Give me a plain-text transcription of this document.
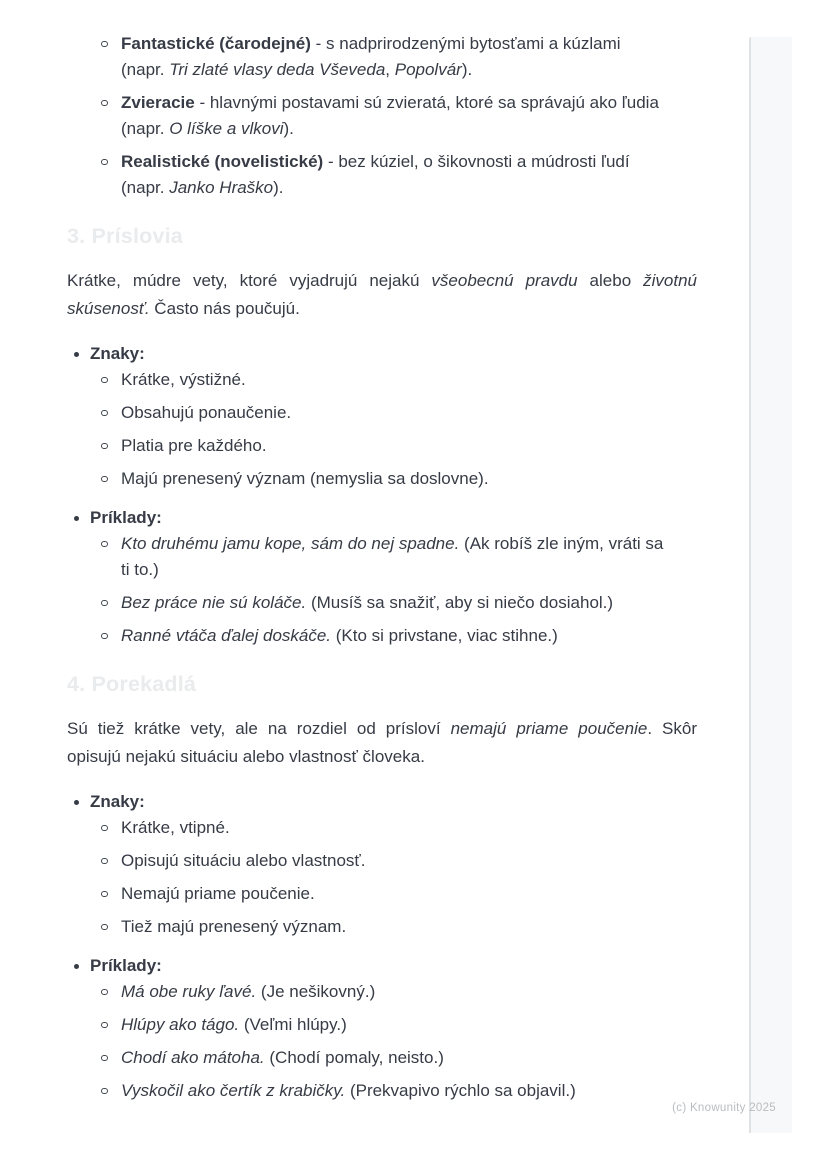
Fantastické (čarodejné) - s nadprirodzenými bytosťami a kúzlami
(napr. Tri zlaté vlasy deda Vševeda, Popolvár).
Zvieracie - hlavnými postavami sú zvieratá, ktoré sa správajú ako ľudia
(napr. O líške a vlkovi).
Realistické (novelistické) - bez kúziel, o šikovnosti a múdrosti ľudí
(napr. Janko Hraško).
3. Príslovia

Krátke, múdre vety, ktoré vyjadrujú nejakú všeobecnú pravdu alebo životnú
skúsenosť. Často nás poučujú.

Znaky:
Krátke, výstižné.
Obsahujú ponaučenie.
Platia pre každého.
Majú prenesený význam (nemyslia sa doslovne).
Príklady:
Kto druhému jamu kope, sám do nej spadne. (Ak robíš zle iným, vráti sa
ti to.)
Bez práce nie sú koláče. (Musíš sa snažiť, aby si niečo dosiahol.)
Ranné vtáča ďalej doskáče. (Kto si privstane, viac stihne.)
4. Porekadlá

Sú tiež krátke vety, ale na rozdiel od prísloví nemajú priame poučenie. Skôr
opisujú nejakú situáciu alebo vlastnosť človeka.

Znaky:
Krátke, vtipné.
Opisujú situáciu alebo vlastnosť.
Nemajú priame poučenie.
Tiež majú prenesený význam.
Príklady:
Má obe ruky ľavé. (Je nešikovný.)
Hlúpy ako tágo. (Veľmi hlúpy.)
Chodí ako mátoha. (Chodí pomaly, neisto.)
Vyskočil ako čertík z krabičky. (Prekvapivo rýchlo sa objavil.)
(c) Knowunity 2025
